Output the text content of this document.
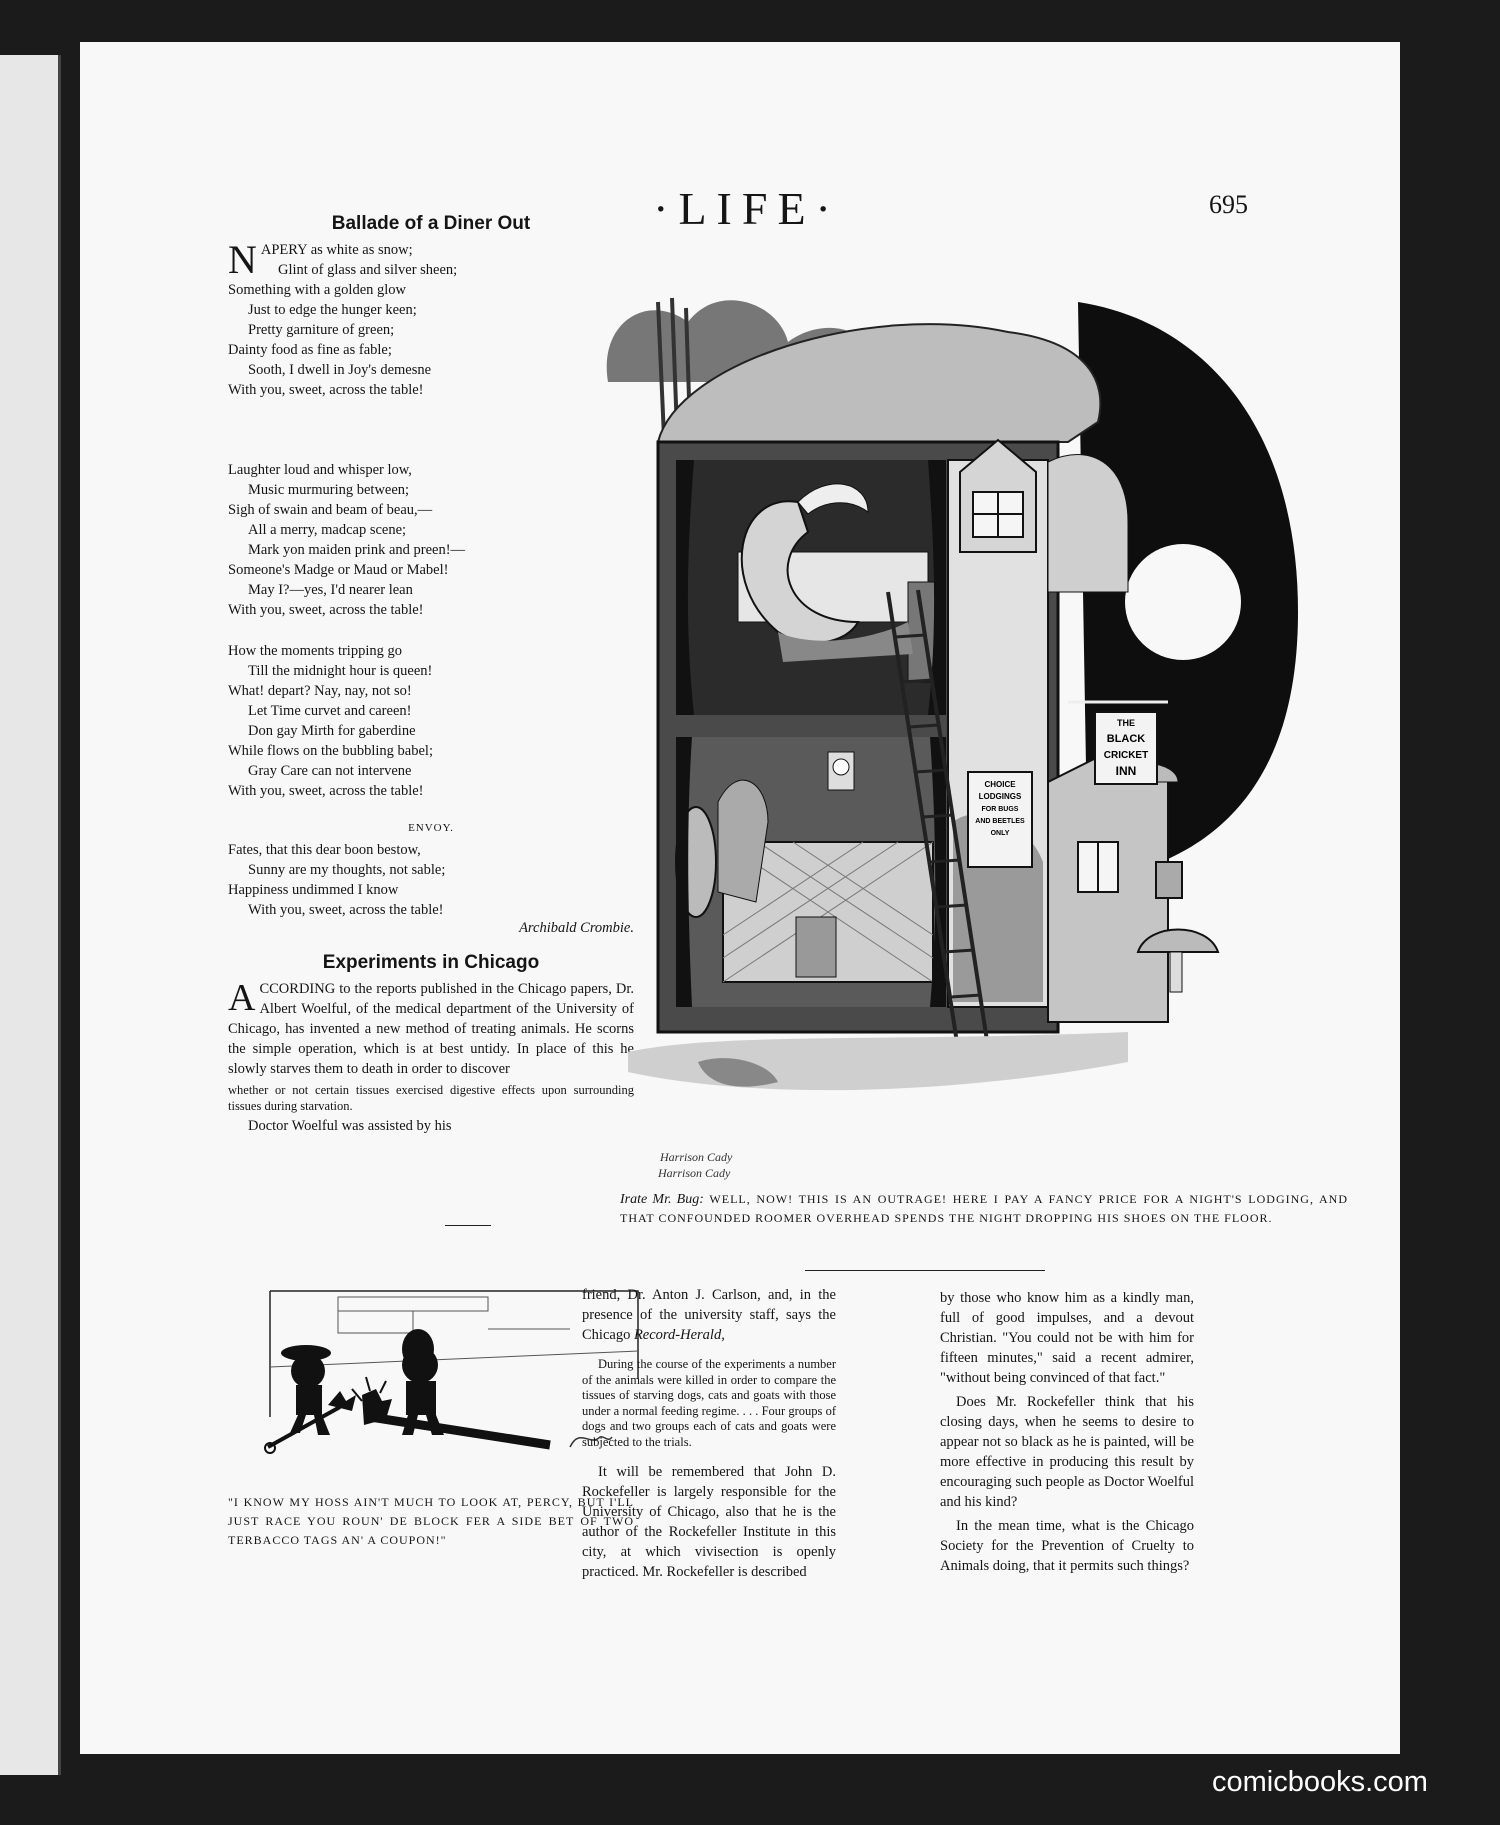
·LIFE·	695
Ballade of a Diner Out
N APERY as white as snow;
Glint of glass and silver sheen;
Something with a golden glow
Just to edge the hunger keen;
Pretty garniture of green;
Dainty food as fine as fable;
Sooth, I dwell in Joy's demesne
With you, sweet, across the table!
Laughter loud and whisper low,
Music murmuring between;
Sigh of swain and beam of beau,—
All a merry, madcap scene;
Mark yon maiden prink and preen!—
Someone's Madge or Maud or Mabel!
May I?—yes, I'd nearer lean
With you, sweet, across the table!
How the moments tripping go
Till the midnight hour is queen!
What! depart? Nay, nay, not so!
Let Time curvet and careen!
Don gay Mirth for gaberdine
While flows on the bubbling babel;
Gray Care can not intervene
With you, sweet, across the table!
ENVOY.
Fates, that this dear boon bestow,
Sunny are my thoughts, not sable;
Happiness undimmed I know
With you, sweet, across the table!
Archibald Crombie.
Experiments in Chicago
ACCORDING to the reports published in the Chicago papers, Dr. Albert Woelful, of the medical department of the University of Chicago, has invented a new method of treating animals. He scorns the simple operation, which is at best untidy. In place of this he slowly starves them to death in order to discover
whether or not certain tissues exercised digestive effects upon surrounding tissues during starvation.
Doctor Woelful was assisted by his
"I KNOW MY HOSS AIN'T MUCH TO LOOK AT, PERCY, BUT I'LL JUST RACE YOU ROUN' DE BLOCK FER A SIDE BET OF TWO TERBACCO TAGS AN' A COUPON!"
THE
BLACK
CRICKET
INN
CHOICE
LODGINGS
FOR BUGS
AND BEETLES
ONLY
Harrison Cady
Harrison Cady
Irate Mr. Bug: WELL, NOW! THIS IS AN OUTRAGE! HERE I PAY A FANCY PRICE FOR A NIGHT'S LODGING, AND THAT CONFOUNDED ROOMER OVERHEAD SPENDS THE NIGHT DROPPING HIS SHOES ON THE FLOOR.

friend, Dr. Anton J. Carlson, and, in the presence of the university staff, says the Chicago Record-Herald,

During the course of the experiments a number of the animals were killed in order to compare the tissues of starving dogs, cats and goats with those under a normal feeding regime. . . . Four groups of dogs and two groups each of cats and goats were subjected to the trials.

It will be remembered that John D. Rockefeller is largely responsible for the University of Chicago, also that he is the author of the Rockefeller Institute in this city, at which vivisection is openly practiced. Mr. Rockefeller is described

by those who know him as a kindly man, full of good impulses, and a devout Christian. "You could not be with him for fifteen minutes," said a recent admirer, "without being convinced of that fact."

Does Mr. Rockefeller think that his closing days, when he seems to desire to appear not so black as he is painted, will be more effective in producing this result by encouraging such people as Doctor Woelful and his kind?

In the mean time, what is the Chicago Society for the Prevention of Cruelty to Animals doing, that it permits such things?

comicbooks.com
